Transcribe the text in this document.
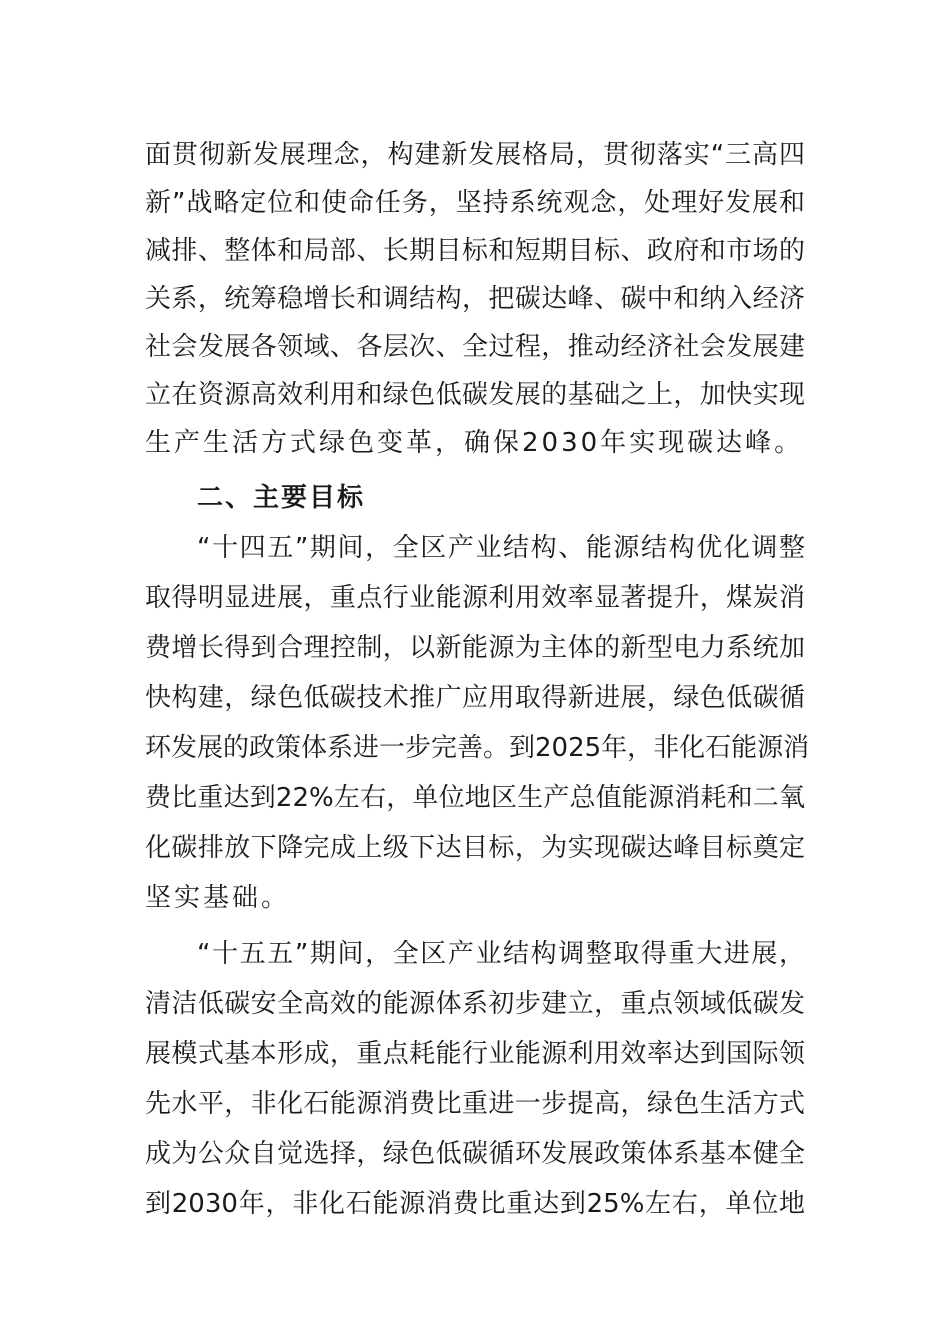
面贯彻新发展理念，构建新发展格局，贯彻落实“三高四
新”战略定位和使命任务，坚持系统观念，处理好发展和
减排、整体和局部、长期目标和短期目标、政府和市场的
关系，统筹稳增长和调结构，把碳达峰、碳中和纳入经济
社会发展各领域、各层次、全过程，推动经济社会发展建
立在资源高效利用和绿色低碳发展的基础之上，加快实现
生产生活方式绿色变革，确保2030年实现碳达峰。
二、主要目标
“十四五”期间，全区产业结构、能源结构优化调整
取得明显进展，重点行业能源利用效率显著提升，煤炭消
费增长得到合理控制，以新能源为主体的新型电力系统加
快构建，绿色低碳技术推广应用取得新进展，绿色低碳循
环发展的政策体系进一步完善。到2025年，非化石能源消
费比重达到22%左右，单位地区生产总值能源消耗和二氧
化碳排放下降完成上级下达目标，为实现碳达峰目标奠定
坚实基础。
“十五五”期间，全区产业结构调整取得重大进展，
清洁低碳安全高效的能源体系初步建立，重点领域低碳发
展模式基本形成，重点耗能行业能源利用效率达到国际领
先水平，非化石能源消费比重进一步提高，绿色生活方式
成为公众自觉选择，绿色低碳循环发展政策体系基本健全
到2030年，非化石能源消费比重达到25%左右，单位地
